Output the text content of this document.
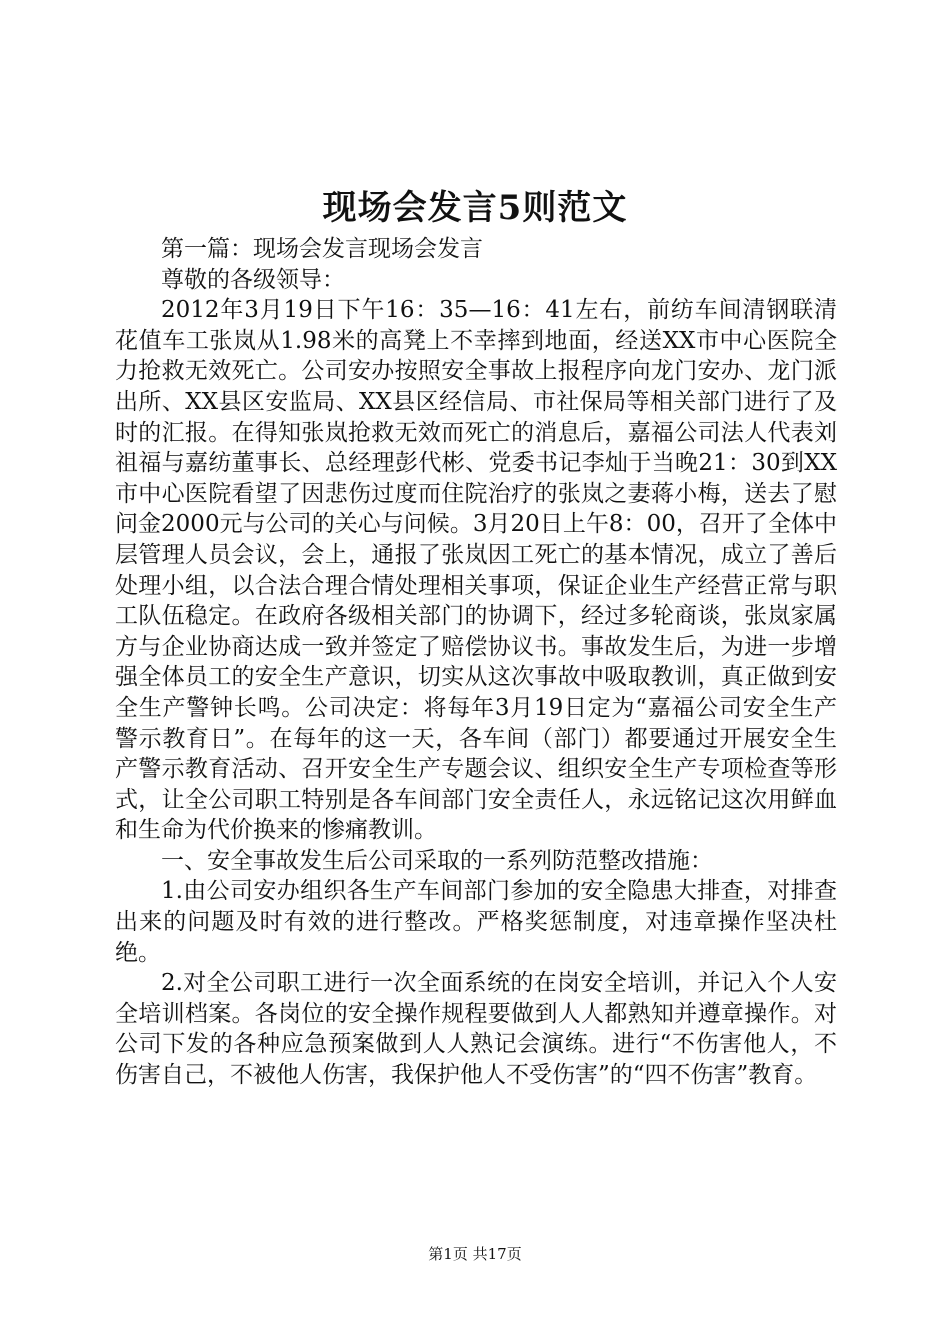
现场会发言5则范文

第一篇：现场会发言现场会发言

尊敬的各级领导：

2012年3月19日下午16：35—16：41左右，前纺车间清钢联清花值车工张岚从1.98米的高凳上不幸摔到地面，经送XX市中心医院全力抢救无效死亡。公司安办按照安全事故上报程序向龙门安办、龙门派出所、XX县区安监局、XX县区经信局、市社保局等相关部门进行了及时的汇报。在得知张岚抢救无效而死亡的消息后，嘉福公司法人代表刘祖福与嘉纺董事长、总经理彭代彬、党委书记李灿于当晚21：30到XX市中心医院看望了因悲伤过度而住院治疗的张岚之妻蒋小梅，送去了慰问金2000元与公司的关心与问候。3月20日上午8：00，召开了全体中层管理人员会议，会上，通报了张岚因工死亡的基本情况，成立了善后处理小组，以合法合理合情处理相关事项，保证企业生产经营正常与职工队伍稳定。在政府各级相关部门的协调下，经过多轮商谈，张岚家属方与企业协商达成一致并签定了赔偿协议书。事故发生后，为进一步增强全体员工的安全生产意识，切实从这次事故中吸取教训，真正做到安全生产警钟长鸣。公司决定：将每年3月19日定为“嘉福公司安全生产警示教育日”。在每年的这一天，各车间（部门）都要通过开展安全生产警示教育活动、召开安全生产专题会议、组织安全生产专项检查等形式，让全公司职工特别是各车间部门安全责任人，永远铭记这次用鲜血和生命为代价换来的惨痛教训。

一、安全事故发生后公司采取的一系列防范整改措施：

1.由公司安办组织各生产车间部门参加的安全隐患大排查，对排查出来的问题及时有效的进行整改。严格奖惩制度，对违章操作坚决杜绝。

2.对全公司职工进行一次全面系统的在岗安全培训，并记入个人安全培训档案。各岗位的安全操作规程要做到人人都熟知并遵章操作。对公司下发的各种应急预案做到人人熟记会演练。进行“不伤害他人，不伤害自己，不被他人伤害，我保护他人不受伤害”的“四不伤害”教育。

第1页 共17页
